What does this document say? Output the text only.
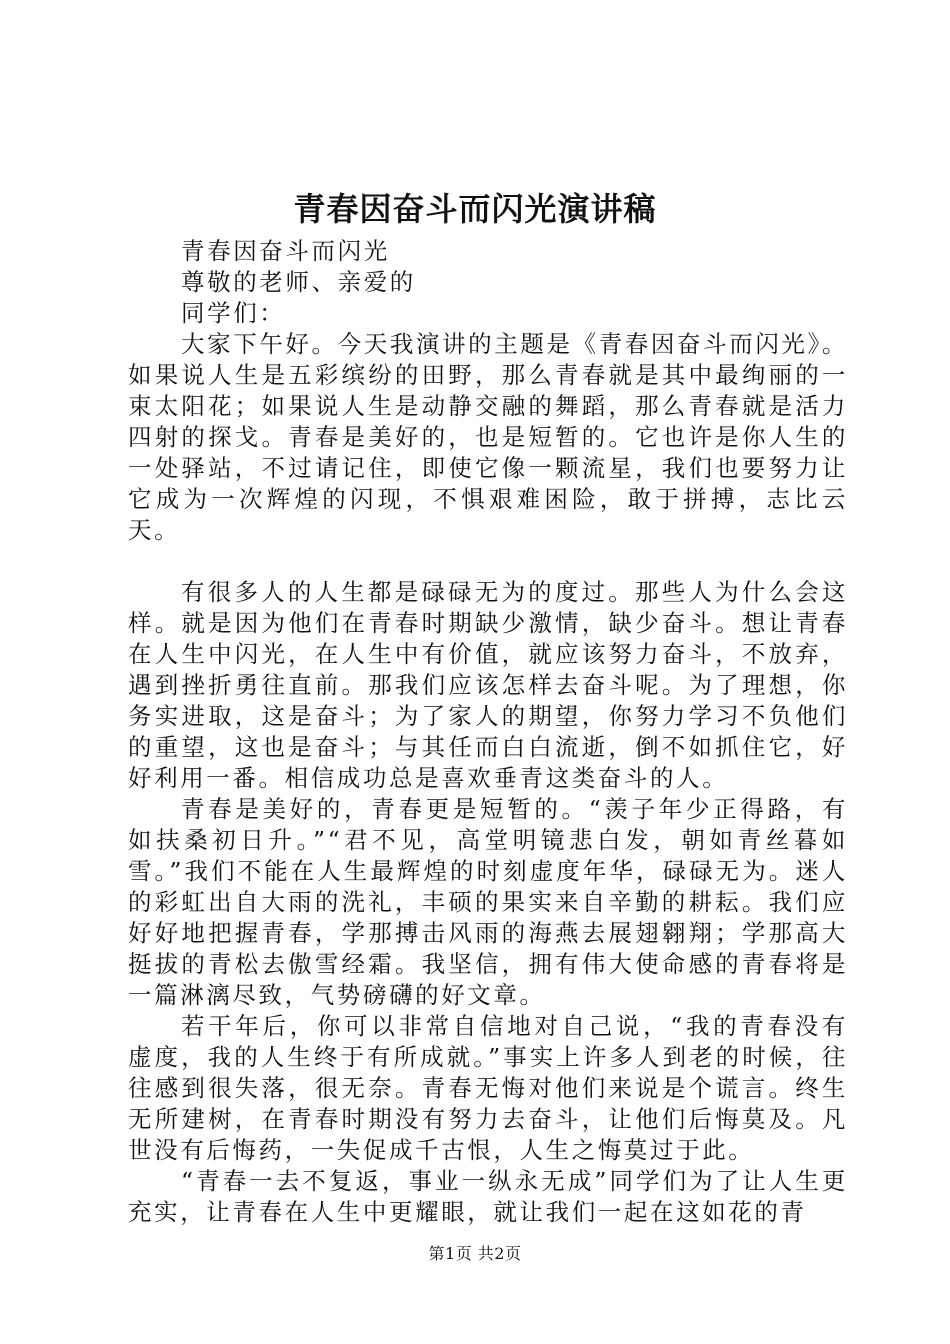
青春因奋斗而闪光演讲稿

青春因奋斗而闪光

尊敬的老师、亲爱的

同学们：

大家下午好。今天我演讲的主题是《青春因奋斗而闪光》。如果说人生是五彩缤纷的田野，那么青春就是其中最绚丽的一束太阳花；如果说人生是动静交融的舞蹈，那么青春就是活力四射的探戈。青春是美好的，也是短暂的。它也许是你人生的一处驿站，不过请记住，即使它像一颗流星，我们也要努力让它成为一次辉煌的闪现，不惧艰难困险，敢于拼搏，志比云天。

有很多人的人生都是碌碌无为的度过。那些人为什么会这样。就是因为他们在青春时期缺少激情，缺少奋斗。想让青春在人生中闪光，在人生中有价值，就应该努力奋斗，不放弃，遇到挫折勇往直前。那我们应该怎样去奋斗呢。为了理想，你务实进取，这是奋斗；为了家人的期望，你努力学习不负他们的重望，这也是奋斗；与其任而白白流逝，倒不如抓住它，好好利用一番。相信成功总是喜欢垂青这类奋斗的人。

青春是美好的，青春更是短暂的。“羡子年少正得路，有如扶桑初日升。”“君不见，高堂明镜悲白发，朝如青丝暮如雪。”我们不能在人生最辉煌的时刻虚度年华，碌碌无为。迷人的彩虹出自大雨的洗礼，丰硕的果实来自辛勤的耕耘。我们应好好地把握青春，学那搏击风雨的海燕去展翅翱翔；学那高大挺拔的青松去傲雪经霜。我坚信，拥有伟大使命感的青春将是一篇淋漓尽致，气势磅礴的好文章。

若干年后，你可以非常自信地对自己说，“我的青春没有虚度，我的人生终于有所成就。”事实上许多人到老的时候，往往感到很失落，很无奈。青春无悔对他们来说是个谎言。终生无所建树，在青春时期没有努力去奋斗，让他们后悔莫及。凡世没有后悔药，一失促成千古恨，人生之悔莫过于此。

“青春一去不复返，事业一纵永无成”同学们为了让人生更充实，让青春在人生中更耀眼，就让我们一起在这如花的青

第1页 共2页
